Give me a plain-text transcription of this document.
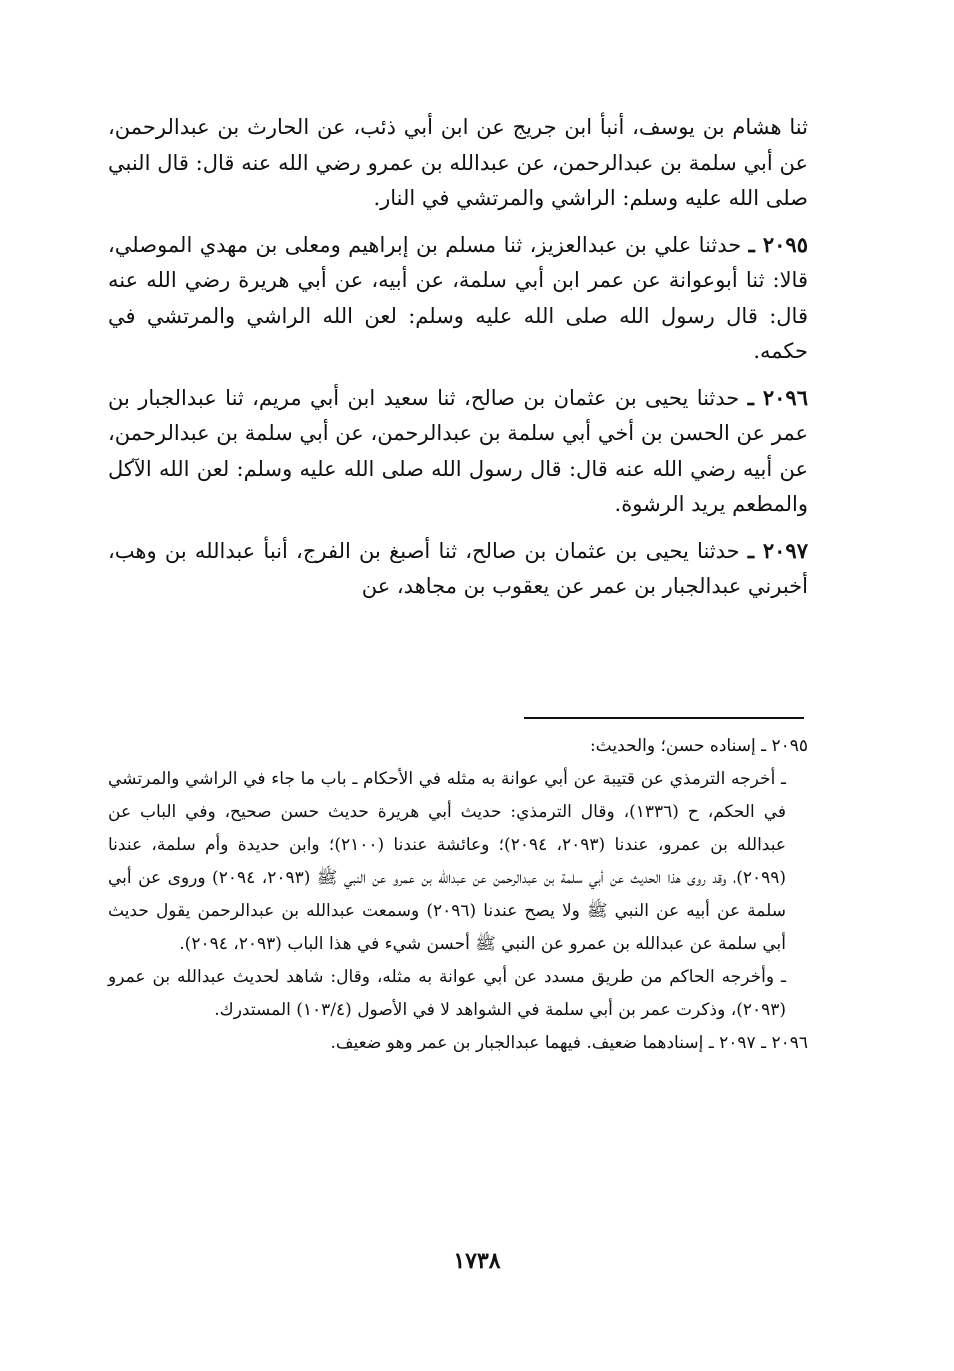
ثنا هشام بن يوسف، أنبأ ابن جريج عن ابن أبي ذئب، عن الحارث بن عبدالرحمن، عن أبي سلمة بن عبدالرحمن، عن عبدالله بن عمرو رضي الله عنه قال: قال النبي صلى الله عليه وسلم: الراشي والمرتشي في النار.

٢٠٩٥ ـ حدثنا علي بن عبدالعزيز، ثنا مسلم بن إبراهيم ومعلى بن مهدي الموصلي، قالا: ثنا أبوعوانة عن عمر ابن أبي سلمة، عن أبيه، عن أبي هريرة رضي الله عنه قال: قال رسول الله صلى الله عليه وسلم: لعن الله الراشي والمرتشي في حكمه.

٢٠٩٦ ـ حدثنا يحيى بن عثمان بن صالح، ثنا سعيد ابن أبي مريم، ثنا عبدالجبار بن عمر عن الحسن بن أخي أبي سلمة بن عبدالرحمن، عن أبي سلمة بن عبدالرحمن، عن أبيه رضي الله عنه قال: قال رسول الله صلى الله عليه وسلم: لعن الله الآكل والمطعم يريد الرشوة.

٢٠٩٧ ـ حدثنا يحيى بن عثمان بن صالح، ثنا أصبغ بن الفرج، أنبأ عبدالله بن وهب، أخبرني عبدالجبار بن عمر عن يعقوب بن مجاهد، عن

٢٠٩٥ ـ إسناده حسن؛ والحديث:

ـ أخرجه الترمذي عن قتيبة عن أبي عوانة به مثله في الأحكام ـ باب ما جاء في الراشي والمرتشي في الحكم، ح (١٣٣٦)، وقال الترمذي: حديث أبي هريرة حديث حسن صحيح، وفي الباب عن عبدالله بن عمرو، عندنا (٢٠٩٣، ٢٠٩٤)؛ وعائشة عندنا (٢١٠٠)؛ وابن حديدة وأم سلمة، عندنا (٢٠٩٩)، وقد روى هذا الحديث عن أبي سلمة بن عبدالرحمن عن عبدالله بن عمرو عن النبي ﷺ (٢٠٩٣، ٢٠٩٤) وروى عن أبي سلمة عن أبيه عن النبي ﷺ ولا يصح عندنا (٢٠٩٦) وسمعت عبدالله بن عبدالرحمن يقول حديث أبي سلمة عن عبدالله بن عمرو عن النبي ﷺ أحسن شيء في هذا الباب (٢٠٩٣، ٢٠٩٤).

ـ وأخرجه الحاكم من طريق مسدد عن أبي عوانة به مثله، وقال: شاهد لحديث عبدالله بن عمرو (٢٠٩٣)، وذكرت عمر بن أبي سلمة في الشواهد لا في الأصول (١٠٣/٤) المستدرك.

٢٠٩٦ ـ ٢٠٩٧ ـ إسنادهما ضعيف. فيهما عبدالجبار بن عمر وهو ضعيف.

١٧٣٨
